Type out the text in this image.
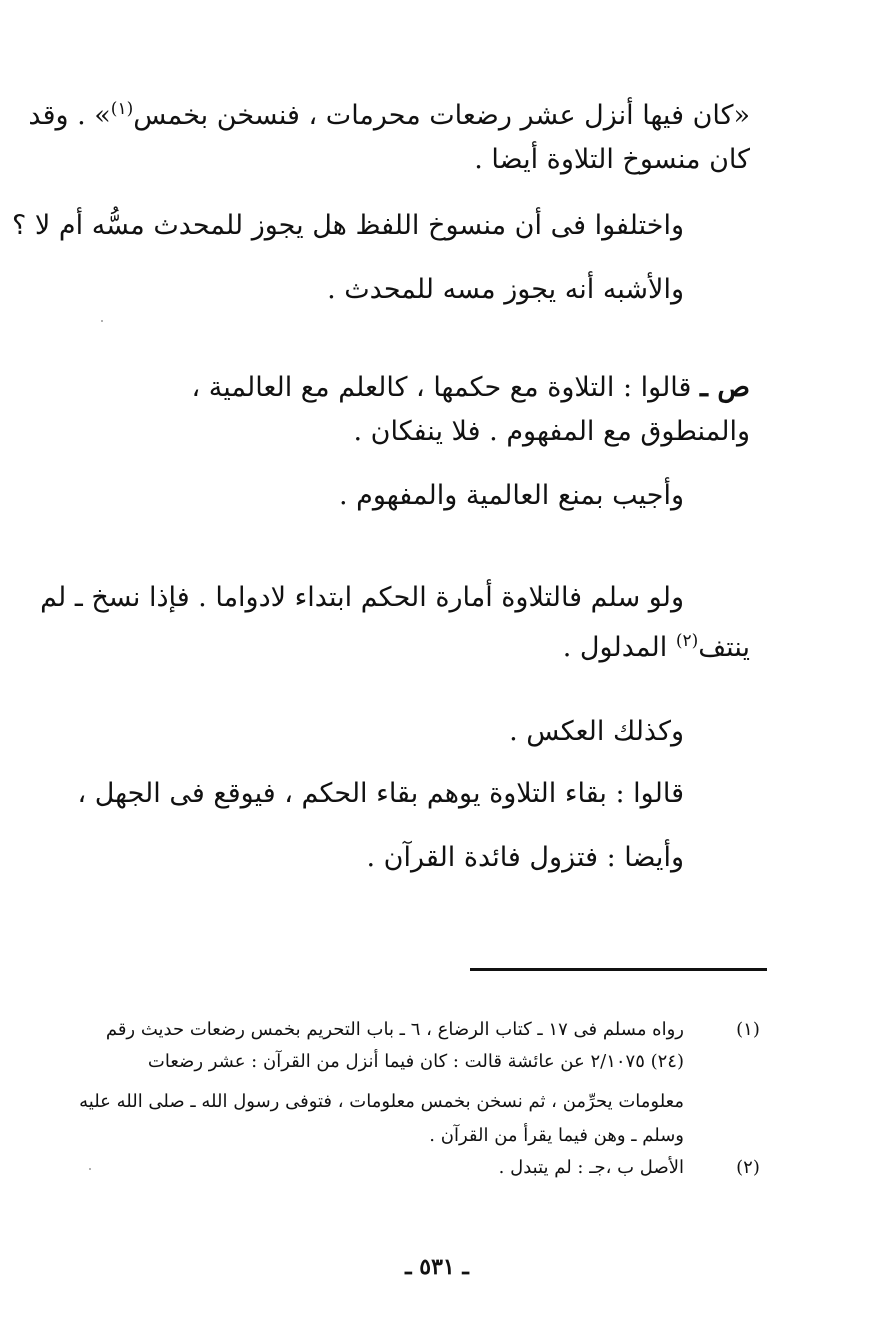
«كان فيها أنزل عشر رضعات محرمات ، فنسخن بخمس$^{(١)}$» . وقد
كان منسوخ التلاوة أيضا .
واختلفوا فى أن منسوخ اللفظ هل يجوز للمحدث مسُّه أم لا ؟
والأشبه أنه يجوز مسه للمحدث .
ص ـ قالوا : التلاوة مع حكمها ، كالعلم مع العالمية ،
والمنطوق مع المفهوم . فلا ينفكان .
وأجيب بمنع العالمية والمفهوم .
ولو سلم فالتلاوة أمارة الحكم ابتداء لادواما . فإذا نسخ ـ لم
ينتف$^{(٢)}$ المدلول .
وكذلك العكس .
قالوا : بقاء التلاوة يوهم بقاء الحكم ، فيوقع فى الجهل ،
وأيضا : فتزول فائدة القرآن .
(١)
رواه مسلم فى ١٧ ـ كتاب الرضاع ، ٦ ـ باب التحريم بخمس رضعات حديث رقم
(٢٤) ٢/١٠٧٥ عن عائشة قالت : كان فيما أنزل من القرآن : عشر رضعات
معلومات يحرِّمن ، ثم نسخن بخمس معلومات ، فتوفى رسول الله ـ صلى الله عليه
وسلم ـ وهن فيما يقرأ من القرآن .
(٢)
الأصل ب ،جـ : لم يتبدل .
ـ ٥٣١ ـ
